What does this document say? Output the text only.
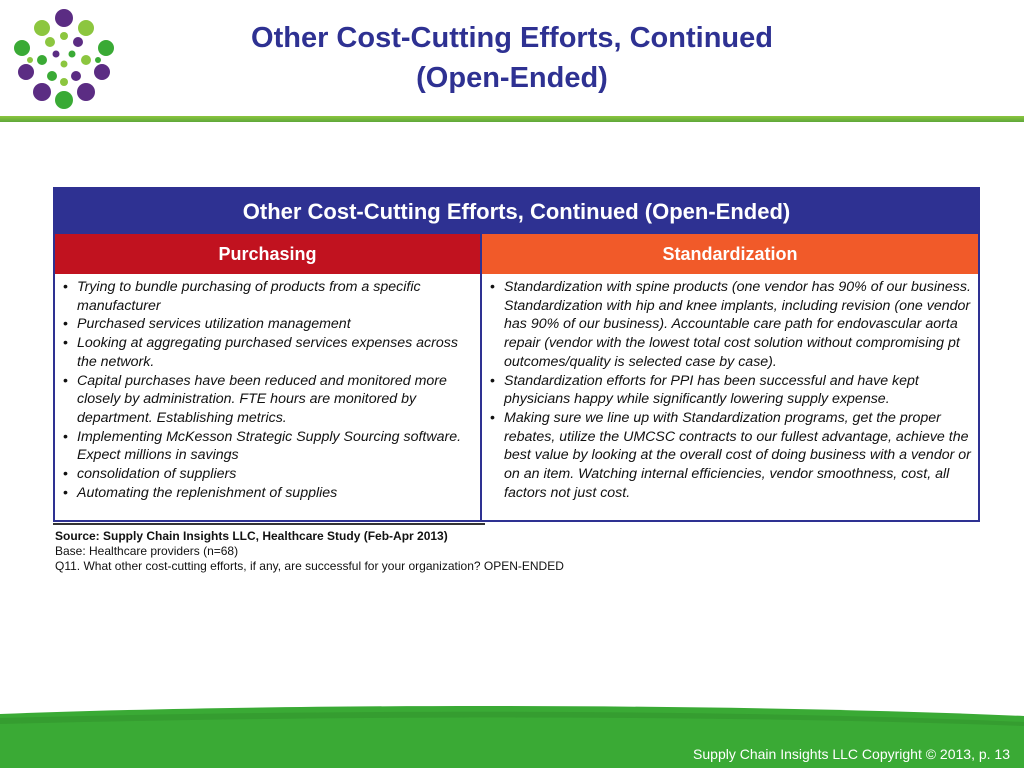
Other Cost-Cutting Efforts, Continued
(Open-Ended)
Other Cost-Cutting Efforts, Continued (Open-Ended)
Purchasing	Standardization
• Trying to bundle purchasing of products from a specific manufacturer
• Purchased services utilization management
• Looking at aggregating purchased services expenses across the network.
• Capital purchases have been reduced and monitored more closely by administration. FTE hours are monitored by department. Establishing metrics.
• Implementing McKesson Strategic Supply Sourcing software. Expect millions in savings
• consolidation of suppliers
• Automating the replenishment of supplies
• Standardization with spine products (one vendor has 90% of our business. Standardization with hip and knee implants, including revision (one vendor has 90% of our business). Accountable care path for endovascular aorta repair (vendor with the lowest total cost solution without compromising pt outcomes/quality is selected case by case).
• Standardization efforts for PPI has been successful and have kept physicians happy while significantly lowering supply expense.
• Making sure we line up with Standardization programs, get the proper rebates, utilize the UMCSC contracts to our fullest advantage, achieve the best value by looking at the overall cost of doing business with a vendor or on an item. Watching internal efficiencies, vendor smoothness, cost, all factors not just cost.
Source: Supply Chain Insights LLC, Healthcare Study (Feb-Apr 2013)
Base: Healthcare providers (n=68)
Q11. What other cost-cutting efforts, if any, are successful for your organization? OPEN-ENDED
Supply Chain Insights LLC Copyright © 2013, p. 13
